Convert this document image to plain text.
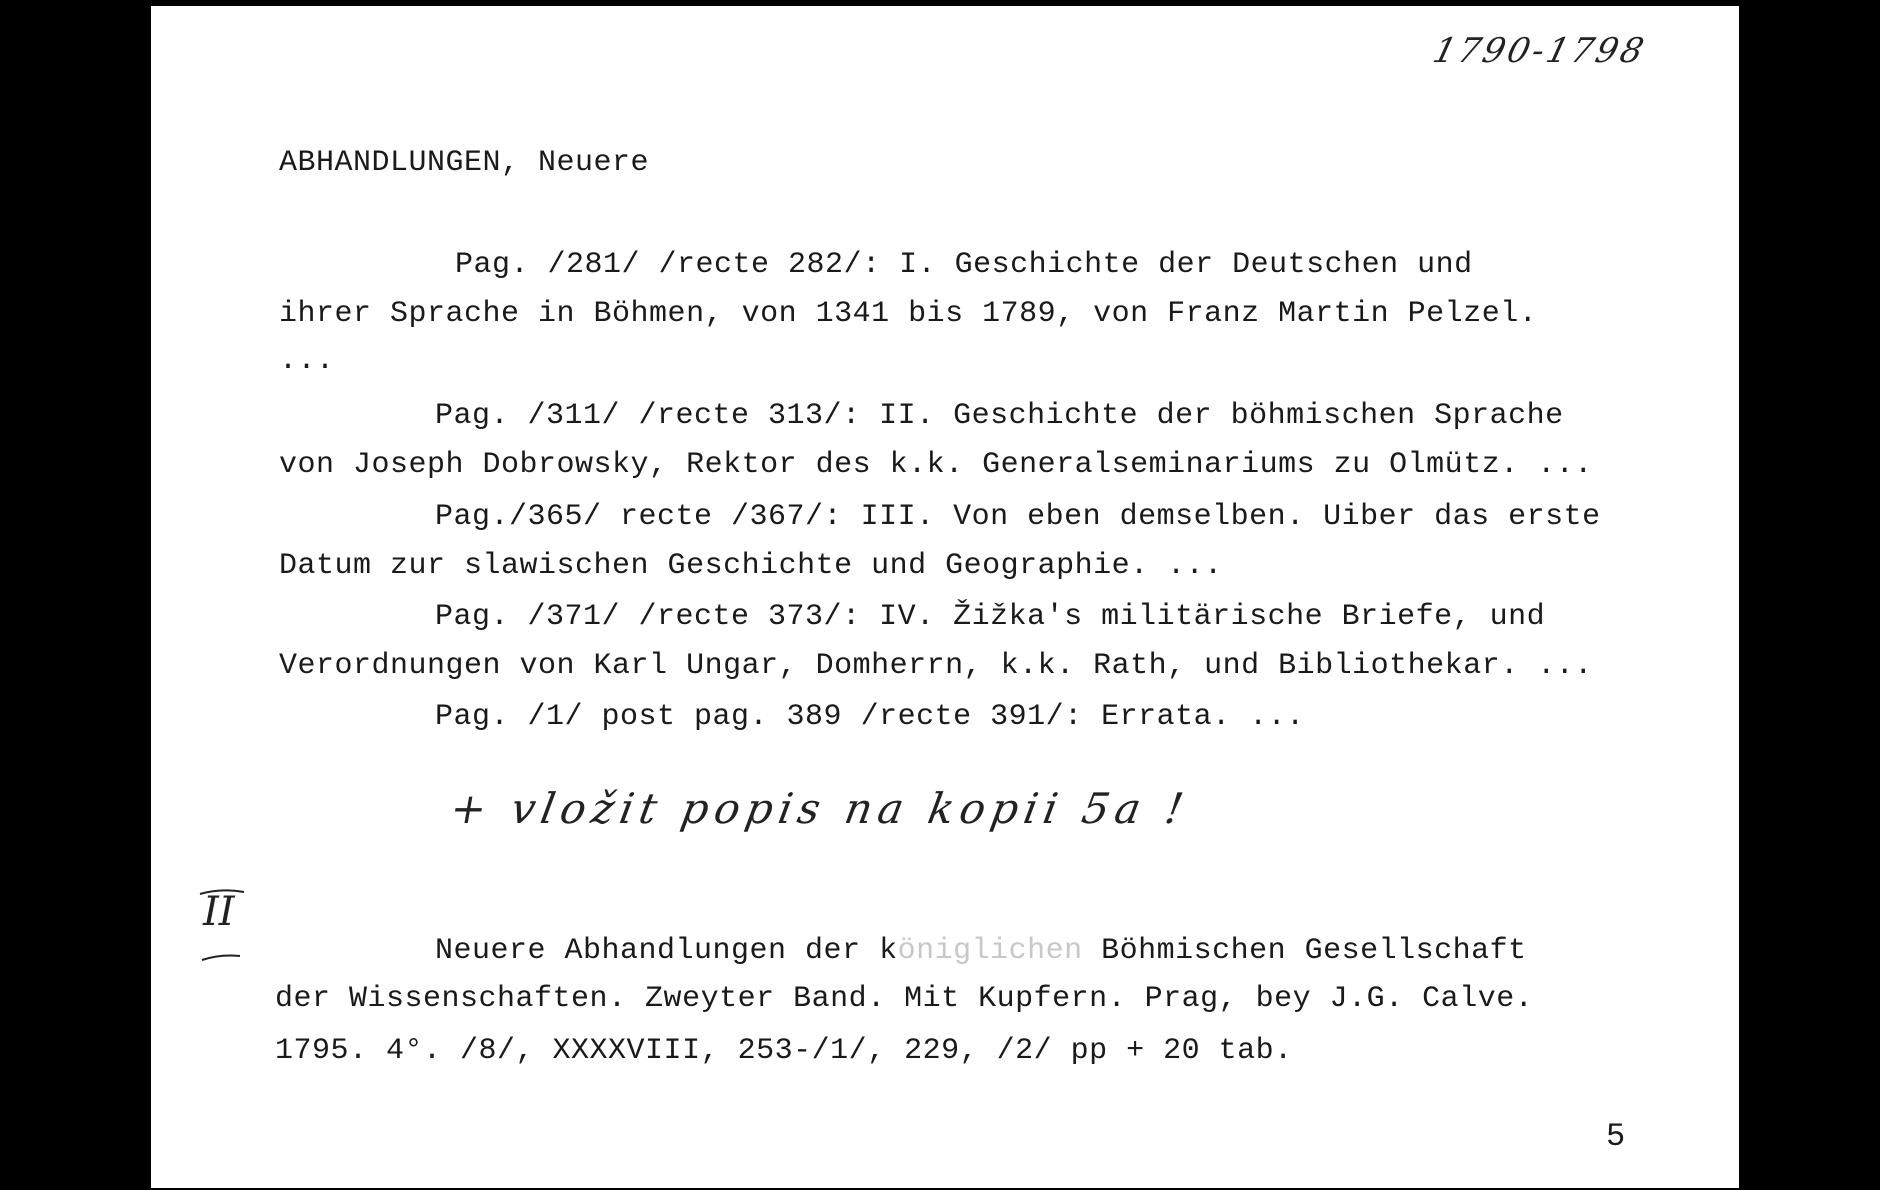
1790-1798
ABHANDLUNGEN, Neuere
Pag. /281/ /recte 282/: I. Geschichte der Deutschen und
ihrer Sprache in Böhmen, von 1341 bis 1789, von Franz Martin Pelzel.
...
Pag. /311/ /recte 313/: II. Geschichte der böhmischen Sprache
von Joseph Dobrowsky, Rektor des k.k. Generalseminariums zu Olmütz. ...
Pag./365/ recte /367/: III. Von eben demselben. Uiber das erste
Datum zur slawischen Geschichte und Geographie. ...
Pag. /371/ /recte 373/: IV. Žižka's militärische Briefe, und
Verordnungen von Karl Ungar, Domherrn, k.k. Rath, und Bibliothekar. ...
Pag. /1/ post pag. 389 /recte 391/: Errata. ...
+ vložit popis na kopii 5a !
II
Neuere Abhandlungen der königlichen Böhmischen Gesellschaft
der Wissenschaften. Zweyter Band. Mit Kupfern. Prag, bey J.G. Calve.
1795. 4°. /8/, XXXXVIII, 253-/1/, 229, /2/ pp + 20 tab.
5
